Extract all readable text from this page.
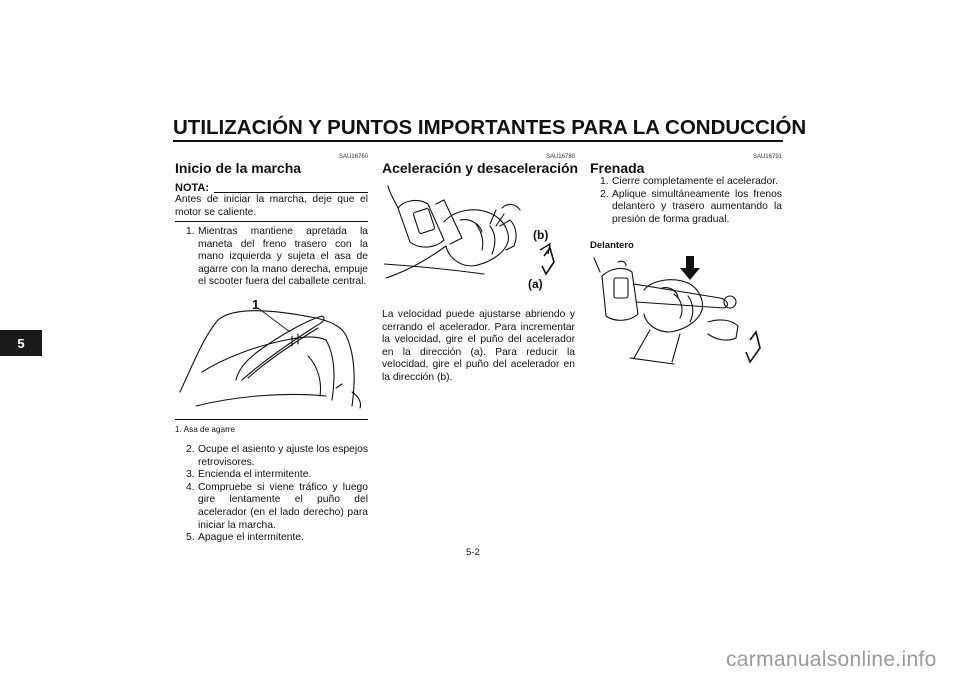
UTILIZACIÓN Y PUNTOS IMPORTANTES PARA LA CONDUCCIÓN
5
SAU16760
Inicio de la marcha
NOTA:
Antes de iniciar la marcha, deje que el motor se caliente.
1. Mientras mantiene apretada la maneta del freno trasero con la mano izquierda y sujeta el asa de agarre con la mano derecha, empuje el scooter fuera del caballete central.
1
1. Asa de agarre
2. Ocupe el asiento y ajuste los espejos retrovisores.
3. Encienda el intermitente.
4. Compruebe si viene tráfico y luego gire lentamente el puño del acelerador (en el lado derecho) para iniciar la marcha.
5. Apague el intermitente.
SAU16780
Aceleración y desaceleración
(b)
(a)
La velocidad puede ajustarse abriendo y cerrando el acelerador. Para incrementar la velocidad, gire el puño del acelerador en la dirección (a). Para reducir la velocidad, gire el puño del acelerador en la dirección (b).
SAU16791
Frenada
1. Cierre completamente el acelerador.
2. Aplique simultáneamente los frenos delantero y trasero aumentando la presión de forma gradual.
Delantero
5-2
carmanualsonline.info
